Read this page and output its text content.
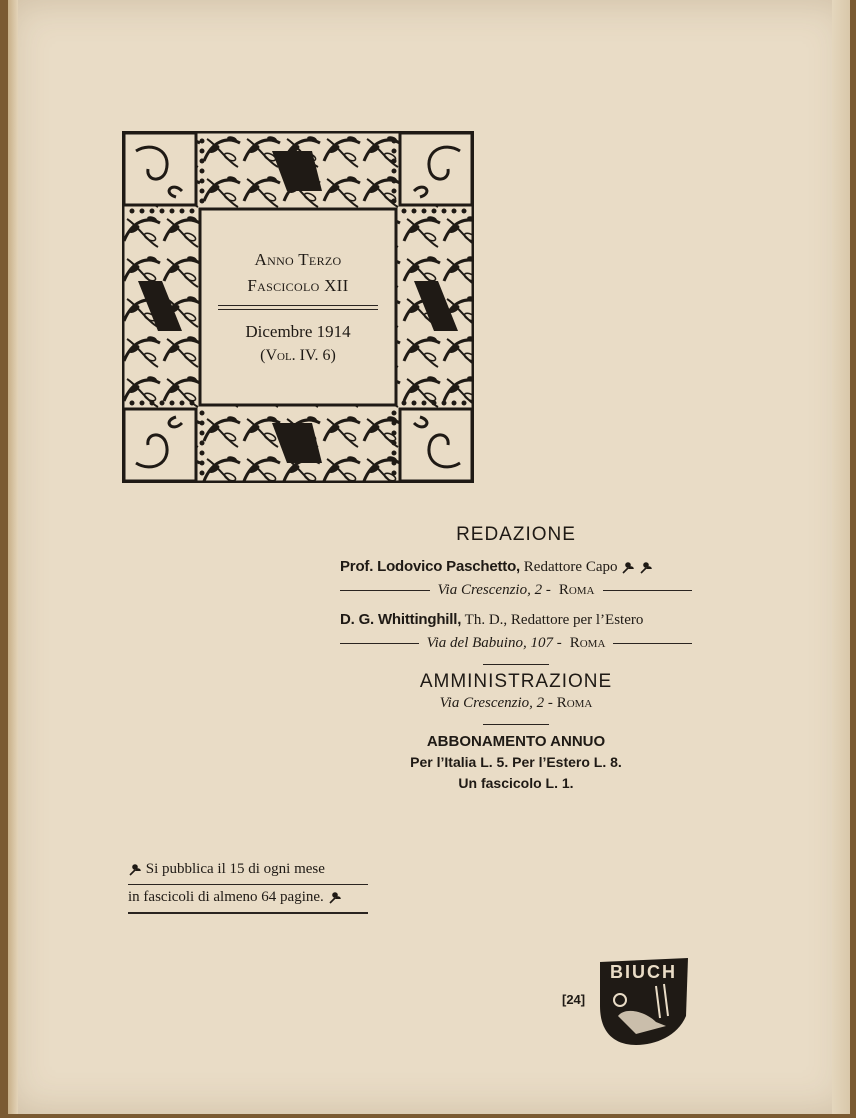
Anno Terzo
Fascicolo XII
Dicembre 1914
(Vol. IV. 6)
REDAZIONE
Prof. Lodovico Paschetto, Redattore Capo
Via Crescenzio, 2 - Roma
D. G. Whittinghill, Th. D., Redattore per l’Estero
Via del Babuino, 107 - Roma
AMMINISTRAZIONE
Via Crescenzio, 2 - Roma
ABBONAMENTO ANNUO
Per l’Italia L. 5. Per l’Estero L. 8.
Un fascicolo L. 1.
Si pubblica il 15 di ogni mese
in fascicoli di almeno 64 pagine.
[24]
BIUCH
